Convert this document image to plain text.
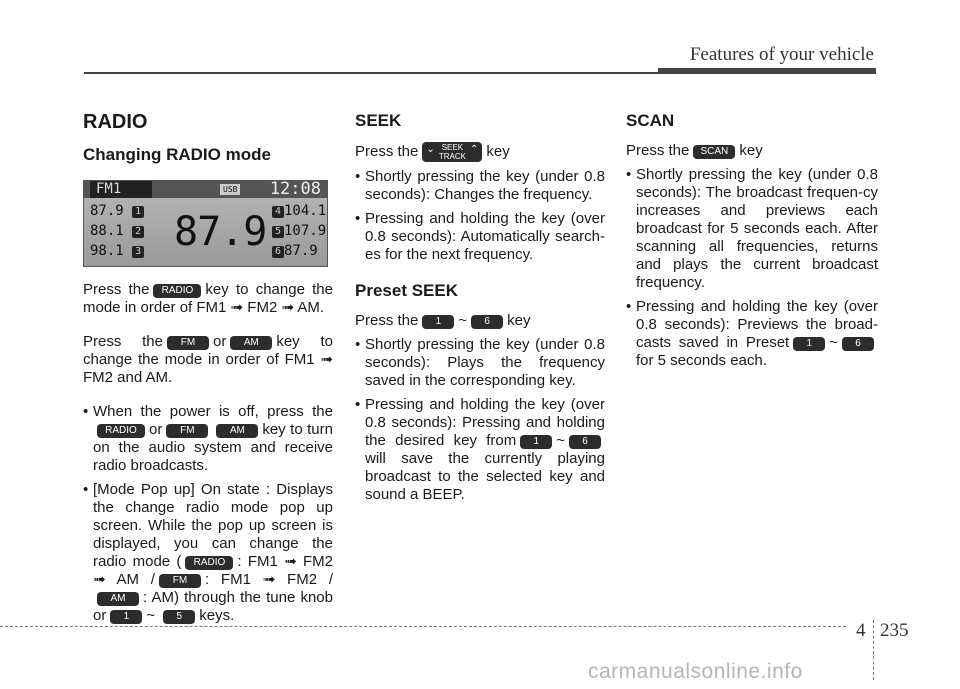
Features of your vehicle
RADIO
Changing RADIO mode
FM1	USB 12:08
87.9 1
88.1 2
98.1 3 87.9 4 104.1
5 107.9
6 87.9

Press the RADIO key to change the mode in order of FM1 ➟ FM2 ➟ AM.

Press the FM or AM key to change the mode in order of FM1 ➟ FM2 and AM.

• When the power is off, press theRADIO or FM	AM key to turn on the audio system and receive radio broadcasts.
• [Mode Pop up] On state : Displays the change radio mode pop up screen. While the pop up screen is displayed, you can change the radio mode ( RADIO : FM1 ➟ FM2 ➟ AM / FM : FM1 ➟ FM2 /AM : AM) through the tune knob or 1 ~ 5 keys.
SEEK

Press the ⌄ SEEK
TRACK
⌃ key

• Shortly pressing the key (under 0.8 seconds): Changes the frequency.
• Pressing and holding the key (over 0.8 seconds): Automatically search-es for the next frequency.
Preset SEEK

Press the 1 ~ 6 key

• Shortly pressing the key (under 0.8 seconds): Plays the frequency saved in the corresponding key.
• Pressing and holding the key (over 0.8 seconds): Pressing and holding the desired key from 1 ~ 6will save the currently playing broadcast to the selected key and sound a BEEP.
SCAN

Press the SCAN key

• Shortly pressing the key (under 0.8 seconds): The broadcast frequen-cy increases and previews each broadcast for 5 seconds each. After scanning all frequencies, returns and plays the current broadcast frequency.
• Pressing and holding the key (over 0.8 seconds): Previews the broad-casts saved in Preset 1 ~ 6for 5 seconds each.
4 235
carmanualsonline.info
